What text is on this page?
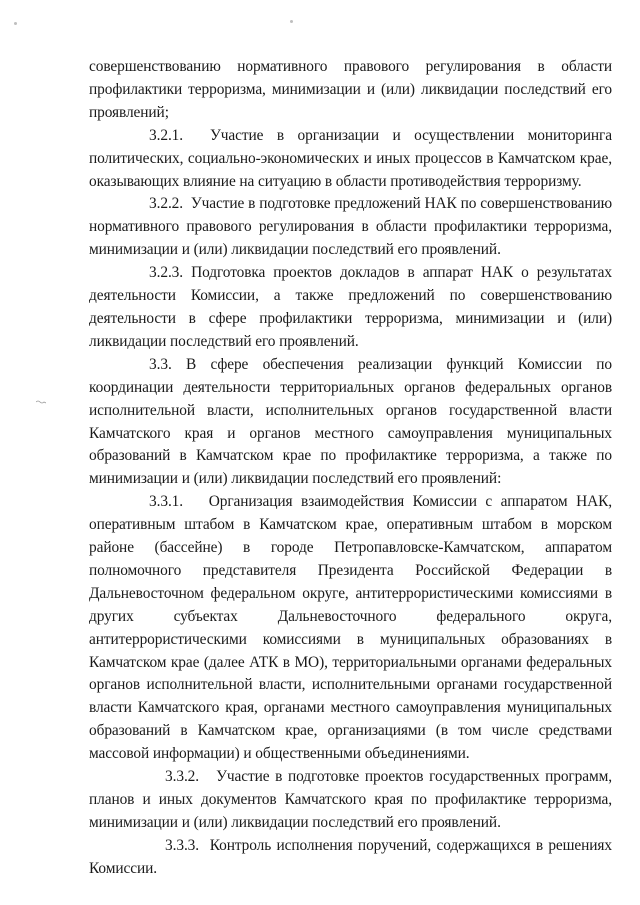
совершенствованию нормативного правового регулирования в области профилактики терроризма, минимизации и (или) ликвидации последствий его проявлений;

3.2.1. Участие в организации и осуществлении мониторинга политических, социально-экономических и иных процессов в Камчатском крае, оказывающих влияние на ситуацию в области противодействия терроризму.

3.2.2. Участие в подготовке предложений НАК по совершенствованию нормативного правового регулирования в области профилактики терроризма, минимизации и (или) ликвидации последствий его проявлений.

3.2.3. Подготовка проектов докладов в аппарат НАК о результатах деятельности Комиссии, а также предложений по совершенствованию деятельности в сфере профилактики терроризма, минимизации и (или) ликвидации последствий его проявлений.

3.3. В сфере обеспечения реализации функций Комиссии по координации деятельности территориальных органов федеральных органов исполнительной власти, исполнительных органов государственной власти Камчатского края и органов местного самоуправления муниципальных образований в Камчатском крае по профилактике терроризма, а также по минимизации и (или) ликвидации последствий его проявлений:

3.3.1. Организация взаимодействия Комиссии с аппаратом НАК, оперативным штабом в Камчатском крае, оперативным штабом в морском районе (бассейне) в городе Петропавловске-Камчатском, аппаратом полномочного представителя Президента Российской Федерации в Дальневосточном федеральном округе, антитеррористическими комиссиями в других субъектах Дальневосточного федерального округа, антитеррористическими комиссиями в муниципальных образованиях в Камчатском крае (далее АТК в МО), территориальными органами федеральных органов исполнительной власти, исполнительными органами государственной власти Камчатского края, органами местного самоуправления муниципальных образований в Камчатском крае, организациями (в том числе средствами массовой информации) и общественными объединениями.

3.3.2. Участие в подготовке проектов государственных программ, планов и иных документов Камчатского края по профилактике терроризма, минимизации и (или) ликвидации последствий его проявлений.

3.3.3. Контроль исполнения поручений, содержащихся в решениях Комиссии.
